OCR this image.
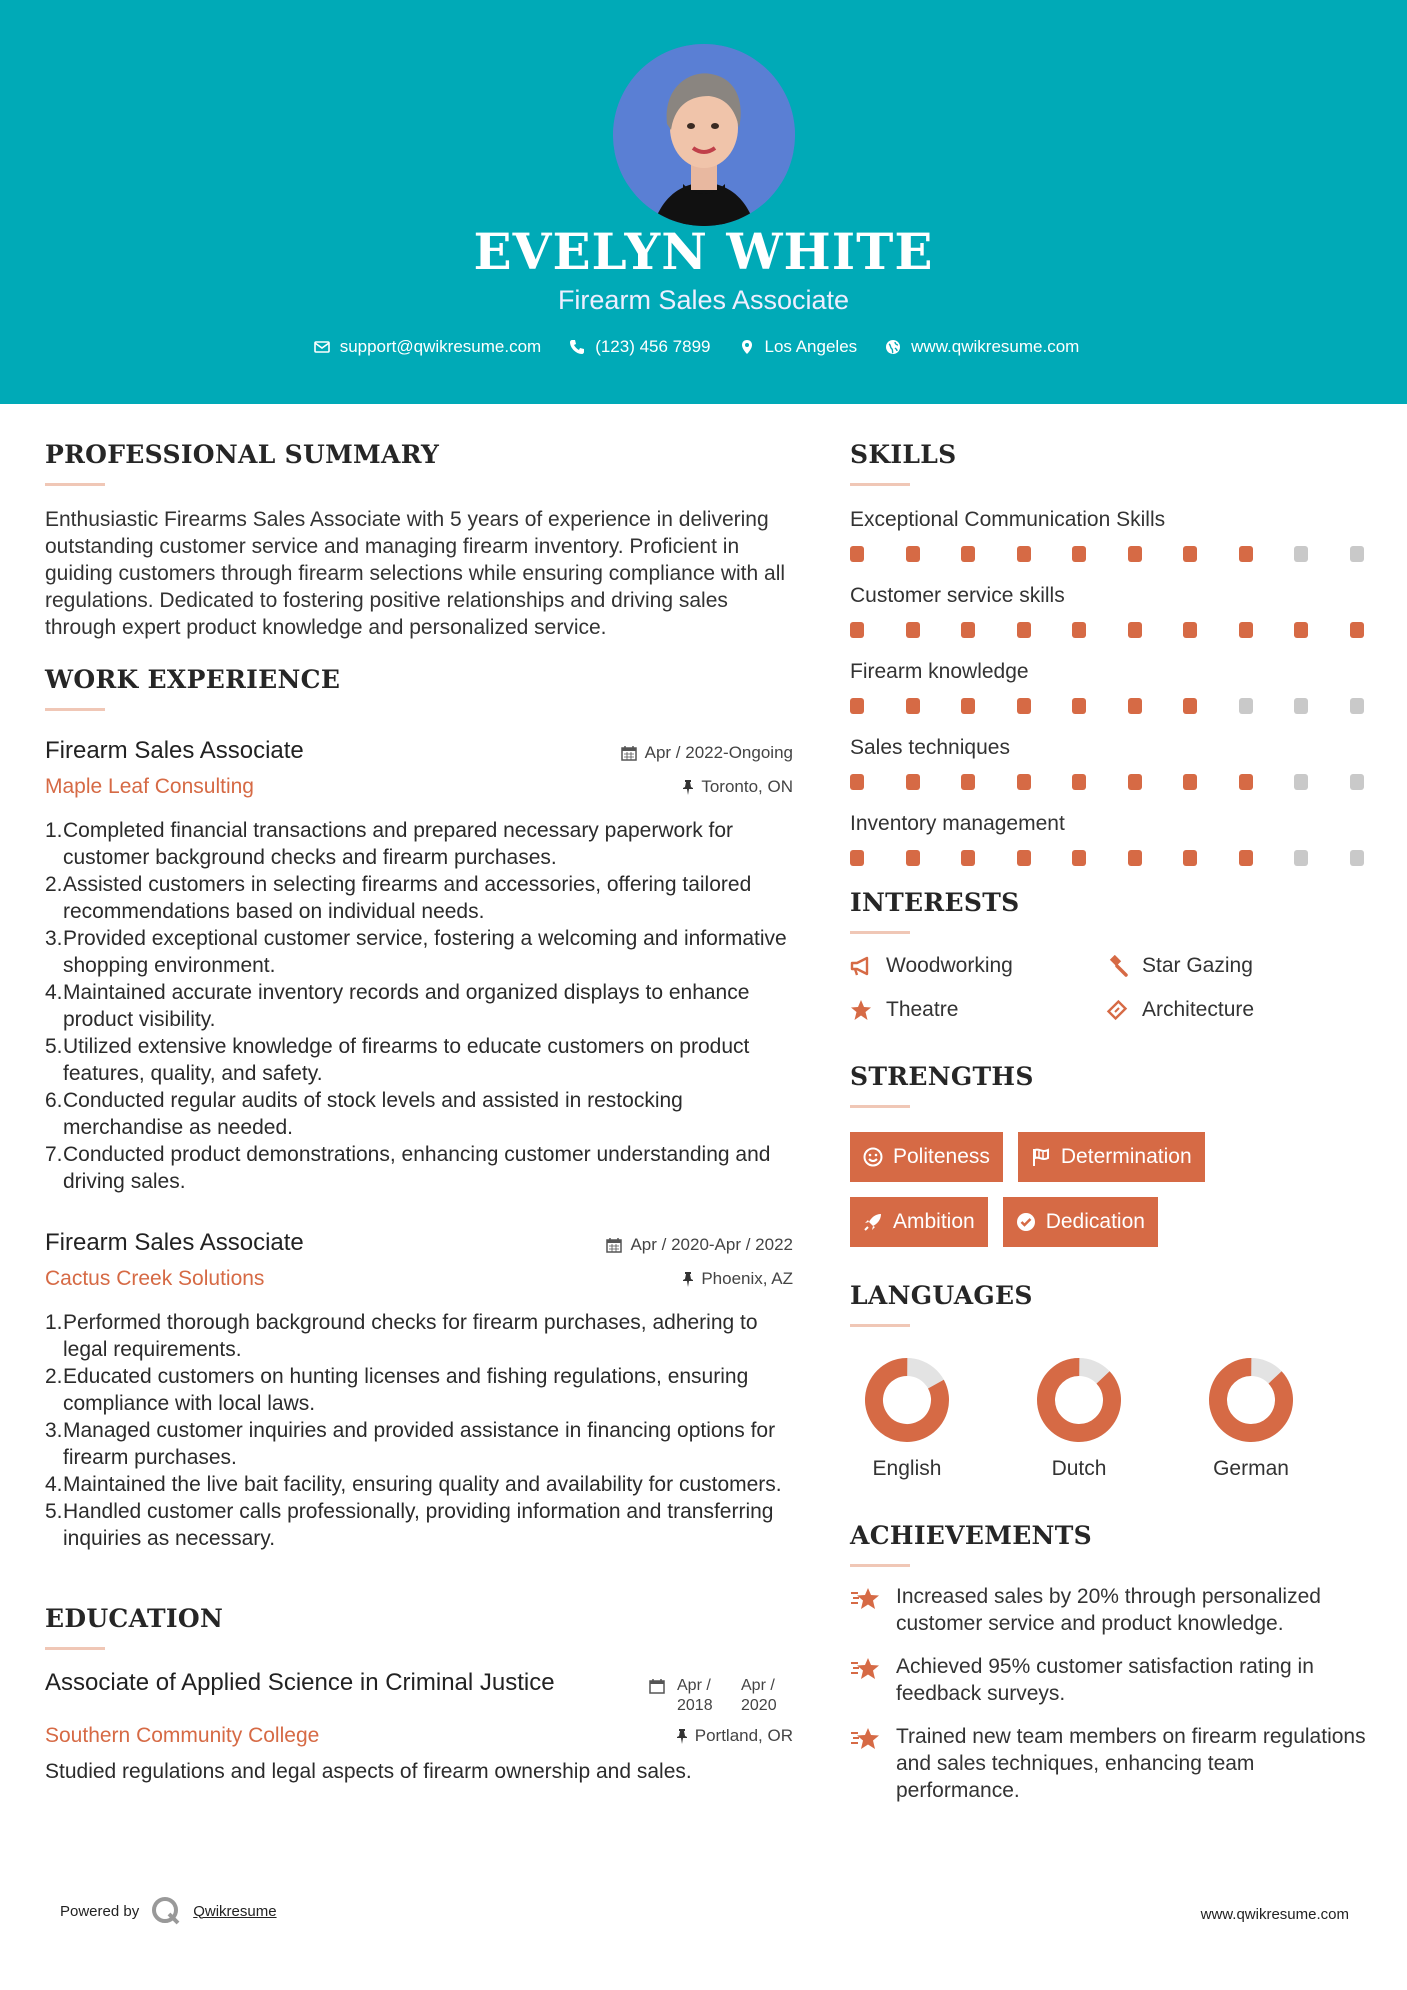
EVELYN WHITE
Firearm Sales Associate
support@qwikresume.com	(123) 456 7899	Los Angeles	www.qwikresume.com
PROFESSIONAL SUMMARY
Enthusiastic Firearms Sales Associate with 5 years of experience in delivering outstanding customer service and managing firearm inventory. Proficient in guiding customers through firearm selections while ensuring compliance with all regulations. Dedicated to fostering positive relationships and driving sales through expert product knowledge and personalized service.
WORK EXPERIENCE
Firearm Sales Associate	Apr / 2022-Ongoing
Maple Leaf Consulting	Toronto, ON
1. Completed financial transactions and prepared necessary paperwork for customer background checks and firearm purchases.
2. Assisted customers in selecting firearms and accessories, offering tailored recommendations based on individual needs.
3. Provided exceptional customer service, fostering a welcoming and informative shopping environment.
4. Maintained accurate inventory records and organized displays to enhance product visibility.
5. Utilized extensive knowledge of firearms to educate customers on product features, quality, and safety.
6. Conducted regular audits of stock levels and assisted in restocking merchandise as needed.
7. Conducted product demonstrations, enhancing customer understanding and driving sales.
Firearm Sales Associate	Apr / 2020-Apr / 2022
Cactus Creek Solutions	Phoenix, AZ
1. Performed thorough background checks for firearm purchases, adhering to legal requirements.
2. Educated customers on hunting licenses and fishing regulations, ensuring compliance with local laws.
3. Managed customer inquiries and provided assistance in financing options for firearm purchases.
4. Maintained the live bait facility, ensuring quality and availability for customers.
5. Handled customer calls professionally, providing information and transferring inquiries as necessary.
EDUCATION
Associate of Applied Science in Criminal Justice	Apr / 2018
Apr / 2020
Southern Community College	Portland, OR
Studied regulations and legal aspects of firearm ownership and sales.
SKILLS
Exceptional Communication Skills
Customer service skills
Firearm knowledge
Sales techniques
Inventory management
INTERESTS
Woodworking	Star Gazing
Theatre	Architecture
STRENGTHS
Politeness	Determination
Ambition	Dedication
LANGUAGES
English	Dutch	German
ACHIEVEMENTS
Increased sales by 20% through personalized customer service and product knowledge.
Achieved 95% customer satisfaction rating in feedback surveys.
Trained new team members on firearm regulations and sales techniques, enhancing team performance.
Powered by	Qwikresume	www.qwikresume.com
